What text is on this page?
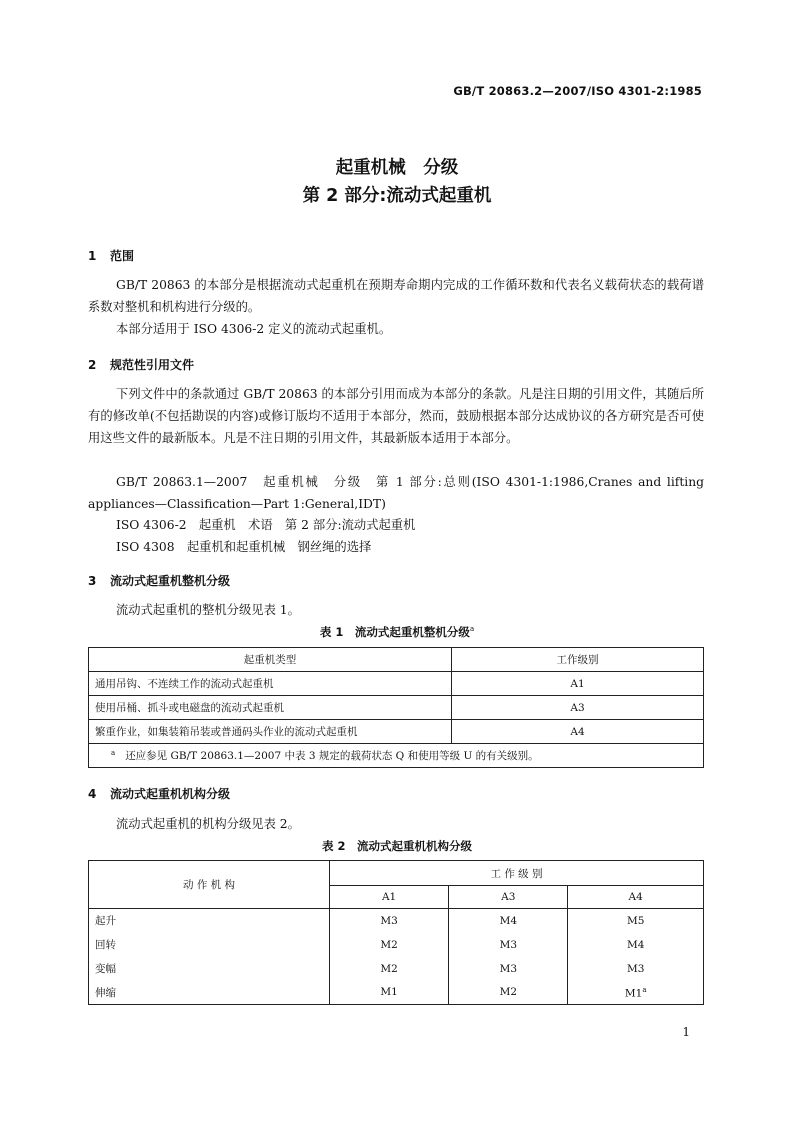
GB/T 20863.2—2007/ISO 4301-2:1985
起重机械　分级
第 2 部分:流动式起重机
1 范围
GB/T 20863 的本部分是根据流动式起重机在预期寿命期内完成的工作循环数和代表名义载荷状态的载荷谱系数对整机和机构进行分级的。
本部分适用于 ISO 4306-2 定义的流动式起重机。
2 规范性引用文件
下列文件中的条款通过 GB/T 20863 的本部分引用而成为本部分的条款。凡是注日期的引用文件，其随后所有的修改单(不包括勘误的内容)或修订版均不适用于本部分，然而，鼓励根据本部分达成协议的各方研究是否可使用这些文件的最新版本。凡是不注日期的引用文件，其最新版本适用于本部分。
GB/T 20863.1—2007　起重机械　分级　第 1 部分:总则(ISO 4301-1:1986,Cranes and lifting appliances—Classification—Part 1:General,IDT)
ISO 4306-2　起重机　术语　第 2 部分:流动式起重机
ISO 4308　起重机和起重机械　钢丝绳的选择
3 流动式起重机整机分级
流动式起重机的整机分级见表 1。
表 1　流动式起重机整机分级$^a$
起重机类型	工作级别
通用吊钩、不连续工作的流动式起重机	A1
使用吊桶、抓斗或电磁盘的流动式起重机	A3
繁重作业，如集装箱吊装或普通码头作业的流动式起重机	A4
$^a$ 还应参见 GB/T 20863.1—2007 中表 3 规定的载荷状态 Q 和使用等级 U 的有关级别。	
4 流动式起重机机构分级
流动式起重机的机构分级见表 2。
表 2　流动式起重机机构分级
动 作 机 构	工 作 级 别		
	A1	A3	A4
起升	M3	M4	M5
回转	M2	M3	M4
变幅	M2	M3	M3
伸缩	M1	M2	M1$^a$
1
